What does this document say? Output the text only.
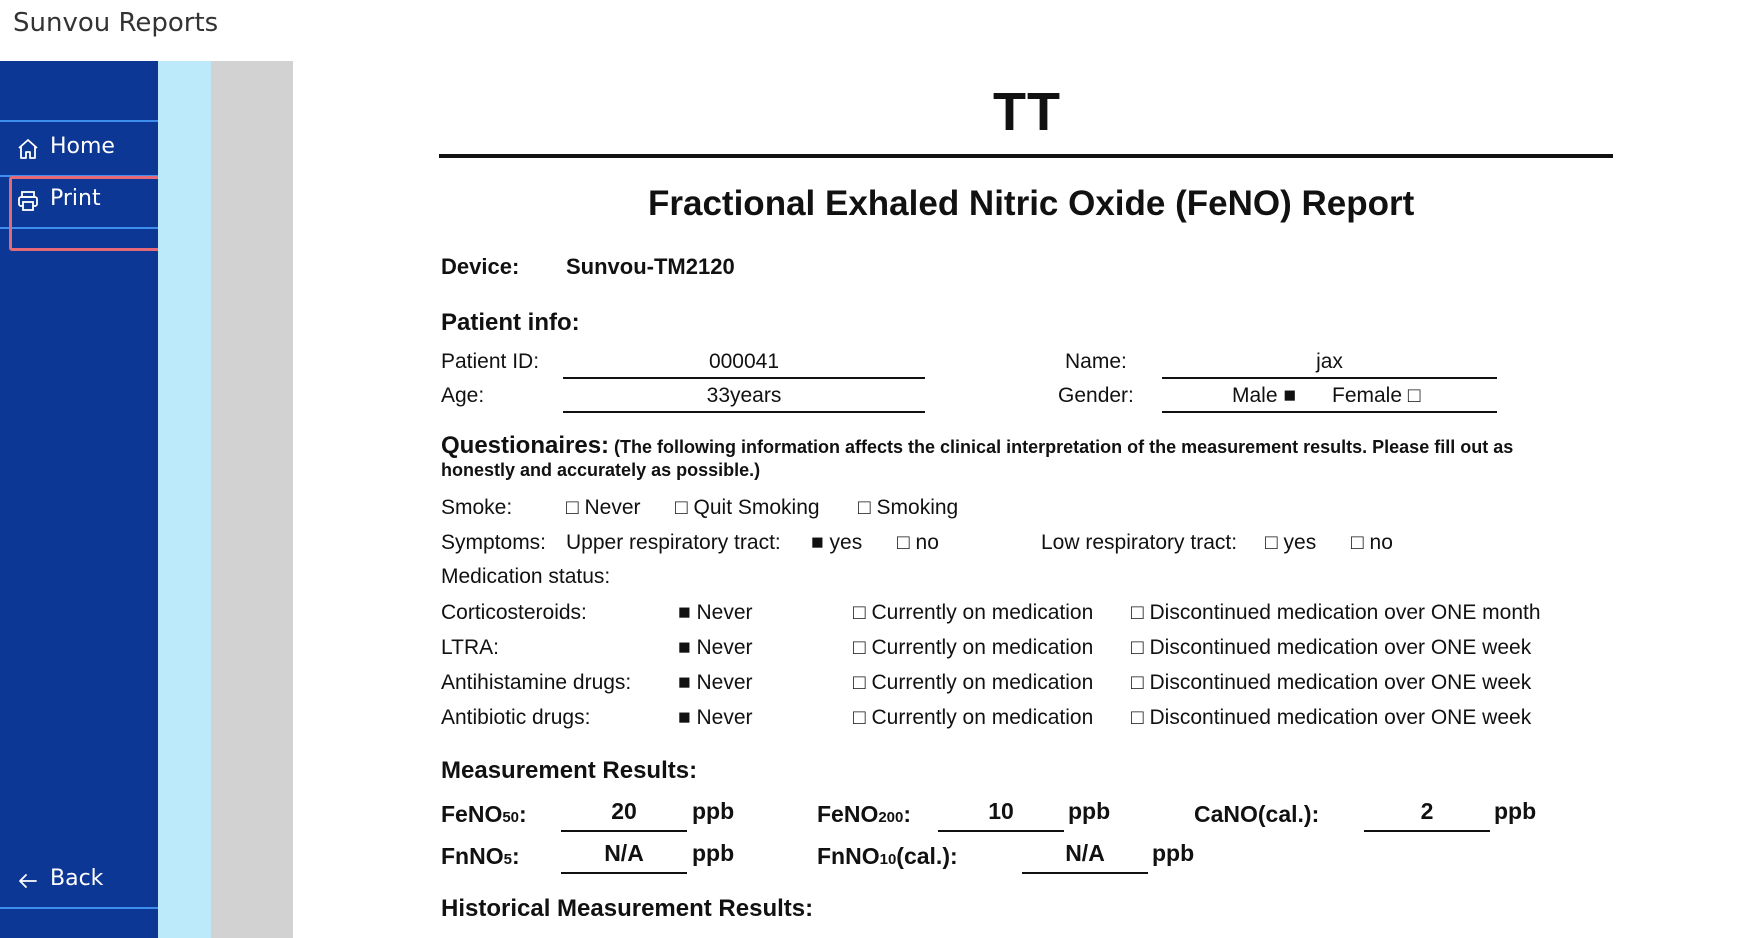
Sunvou Reports
Home
Print
Back
TT
Fractional Exhaled Nitric Oxide (FeNO) Report
Device: Sunvou-TM2120
Patient info:
Patient ID:	000041	Name:	jax
Age:	33years	Gender:	Male ■ Female □
Questionaires: (The following information affects the clinical interpretation of the measurement results. Please fill out as honestly and accurately as possible.)
Smoke:	□ Never □ Quit Smoking □ Smoking
Symptoms: Upper respiratory tract: ■ yes □ no	Low respiratory tract: □ yes □ no
Medication status:
Corticosteroids:	■ Never	□ Currently on medication □ Discontinued medication over ONE month
LTRA:	■ Never	□ Currently on medication □ Discontinued medication over ONE week
Antihistamine drugs: ■ Never	□ Currently on medication □ Discontinued medication over ONE week
Antibiotic drugs:	■ Never	□ Currently on medication □ Discontinued medication over ONE week
Measurement Results:
FeNO50:	20	ppb	FeNO200:	10	ppb	CaNO(cal.):	2	ppb
FnNO5:	N/A	ppb	FnNO10(cal.):	N/A	ppb
Historical Measurement Results:
